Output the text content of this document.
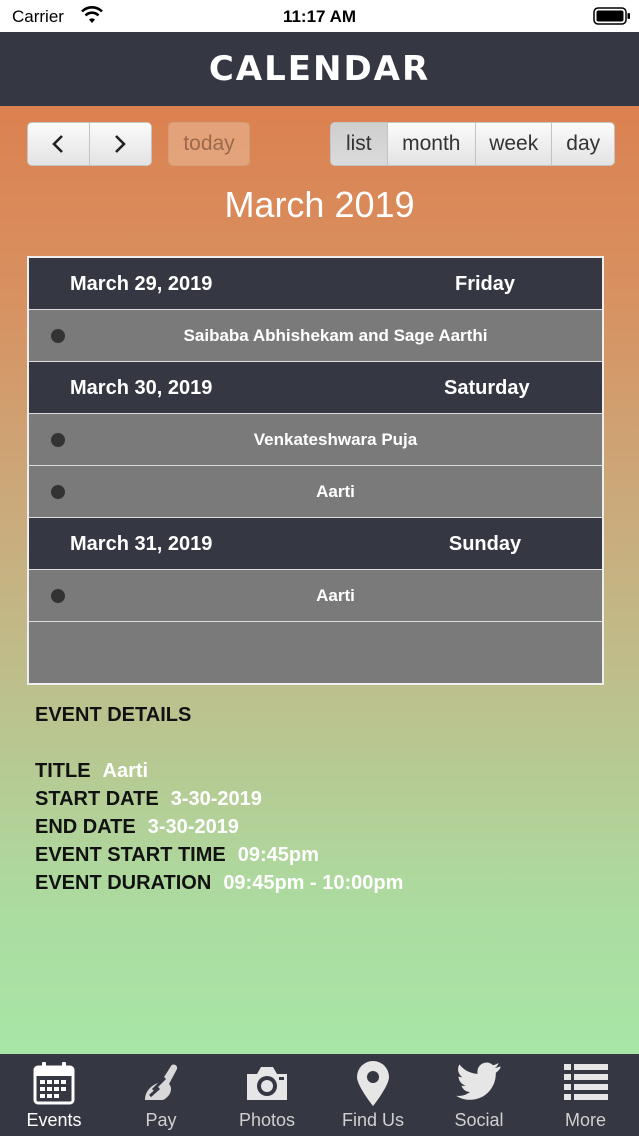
Carrier	11:17 AM
CALENDAR
today	list	month	week	day
March 2019
March 29, 2019	Friday
Saibaba Abhishekam and Sage Aarthi
March 30, 2019	Saturday
Venkateshwara Puja
Aarti
March 31, 2019	Sunday
Aarti
EVENT DETAILS
TITLE Aarti
START DATE 3-30-2019
END DATE 3-30-2019
EVENT START TIME 09:45pm
EVENT DURATION 09:45pm - 10:00pm
Events	Pay	Photos	Find Us	Social	More
